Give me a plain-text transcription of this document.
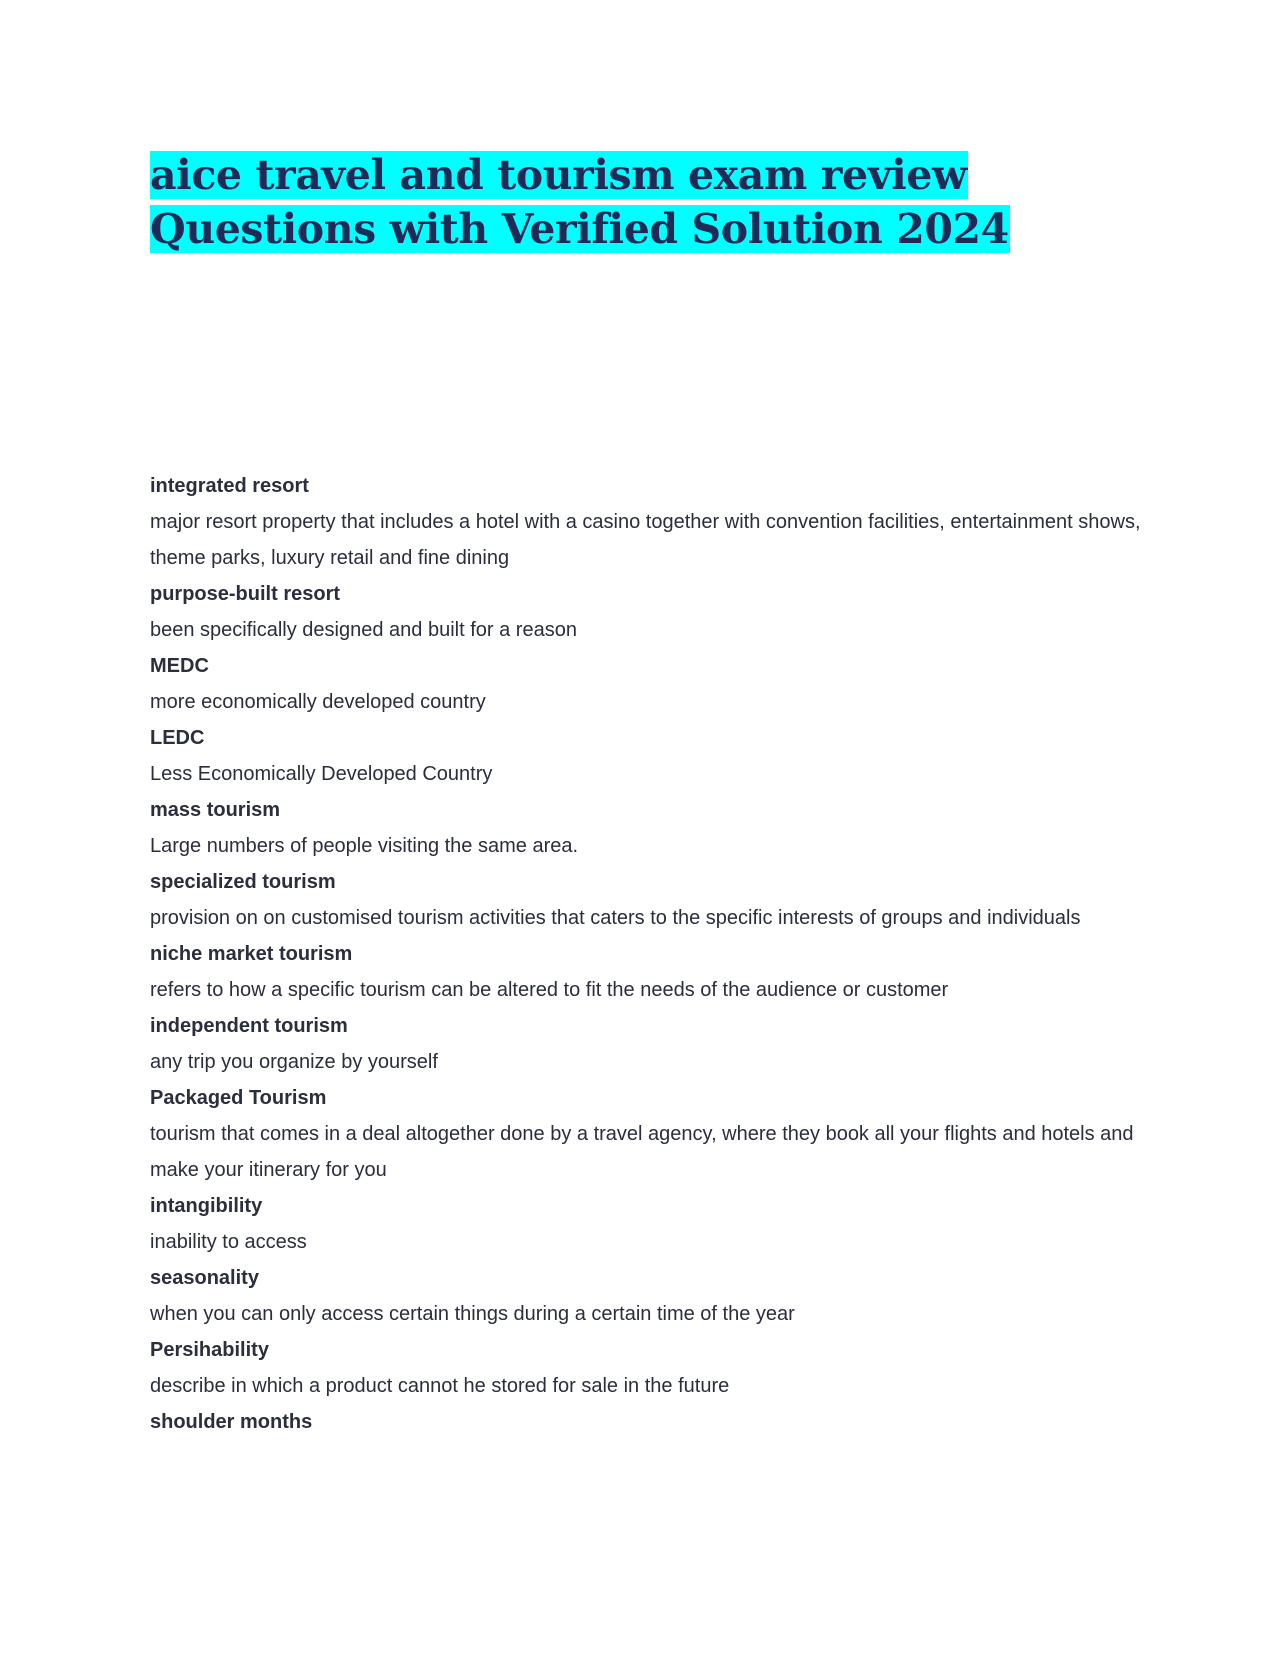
aice travel and tourism exam review
Questions with Verified Solution 2024

integrated resort

major resort property that includes a hotel with a casino together with convention facilities, entertainment shows, theme parks, luxury retail and fine dining

purpose-built resort

been specifically designed and built for a reason

MEDC

more economically developed country

LEDC

Less Economically Developed Country

mass tourism

Large numbers of people visiting the same area.

specialized tourism

provision on on customised tourism activities that caters to the specific interests of groups and individuals

niche market tourism

refers to how a specific tourism can be altered to fit the needs of the audience or customer

independent tourism

any trip you organize by yourself

Packaged Tourism

tourism that comes in a deal altogether done by a travel agency, where they book all your flights and hotels and make your itinerary for you

intangibility

inability to access

seasonality

when you can only access certain things during a certain time of the year

Persihability

describe in which a product cannot he stored for sale in the future

shoulder months
